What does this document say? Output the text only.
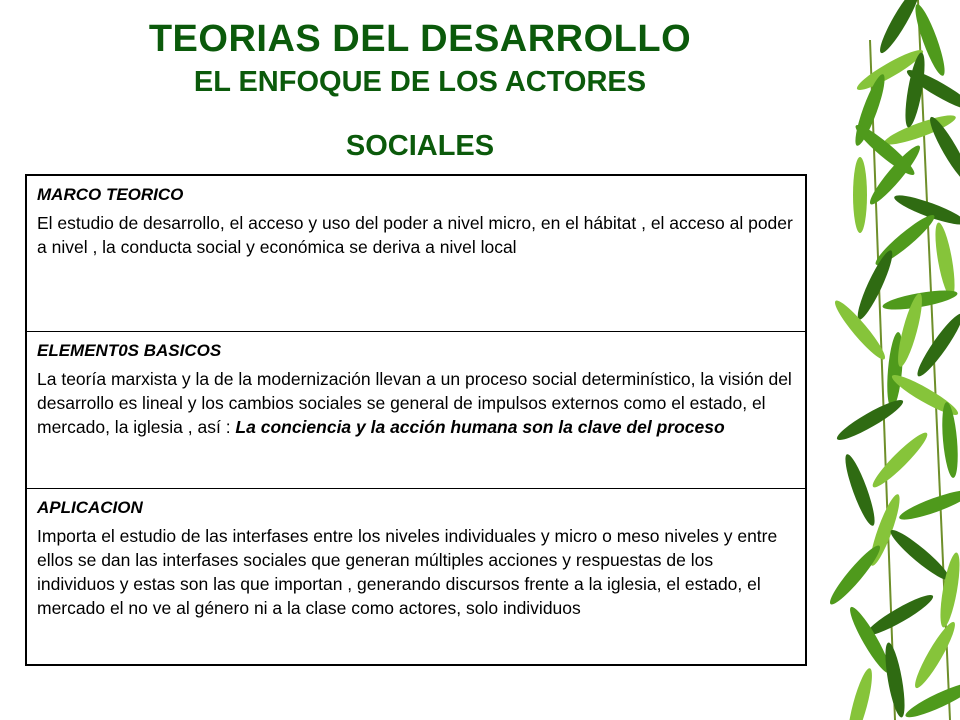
TEORIAS DEL DESARROLLO
EL ENFOQUE DE LOS ACTORES
SOCIALES
MARCO TEORICO
El estudio de desarrollo, el acceso y uso del poder a nivel micro, en el hábitat , el acceso al poder a nivel , la conducta social y económica se deriva a nivel local
ELEMENT0S BASICOS
La teoría marxista y la de la modernización llevan a un proceso social determinístico, la visión del desarrollo es lineal y los cambios sociales se general de impulsos externos como el estado, el mercado, la iglesia , así : La conciencia y la acción humana son la clave del proceso
APLICACION
Importa el estudio de las interfases entre los niveles individuales y micro o meso niveles y entre ellos se dan las interfases sociales que generan múltiples acciones y respuestas de los individuos y estas son las que importan , generando discursos frente a la iglesia, el estado, el mercado el no ve al género ni a la clase como actores, solo individuos
